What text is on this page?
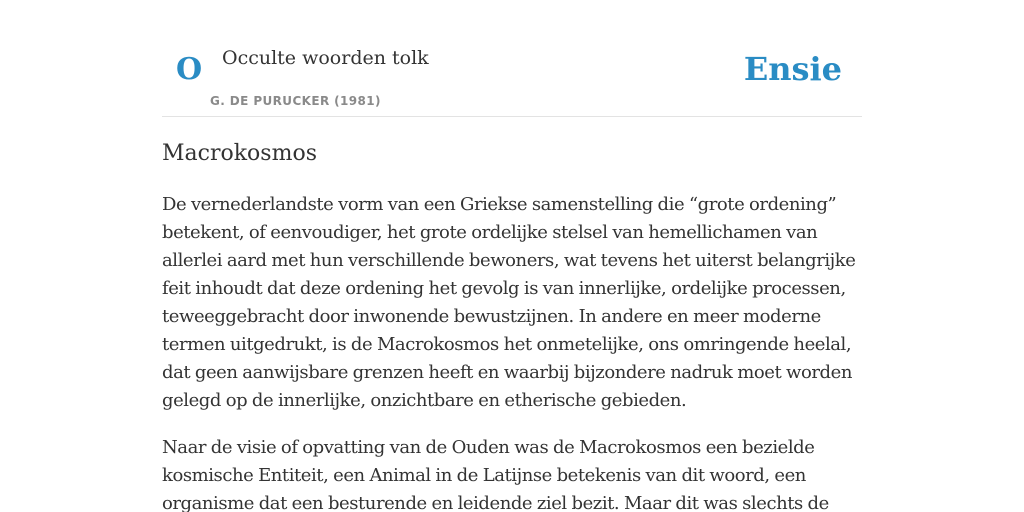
O Occulte woorden tolk
G. DE PURUCKER (1981)
Ensie
Macrokosmos

De vernederlandste vorm van een Griekse samenstelling die “grote ordening” betekent, of eenvoudiger, het grote ordelijke stelsel van hemellichamen van allerlei aard met hun verschillende bewoners, wat tevens het uiterst belangrijke feit inhoudt dat deze ordening het gevolg is van innerlijke, ordelijke processen, teweeggebracht door inwonende bewustzijnen. In andere en meer moderne termen uitgedrukt, is de Macrokosmos het onmetelijke, ons omringende heelal, dat geen aanwijsbare grenzen heeft en waarbij bijzondere nadruk moet worden gelegd op de innerlijke, onzichtbare en etherische gebieden.

Naar de visie of opvatting van de Ouden was de Macrokosmos een bezielde kosmische Entiteit, een Animal in de Latijnse betekenis van dit woord, een organisme dat een besturende en leidende ziel bezit. Maar dit was slechts de
